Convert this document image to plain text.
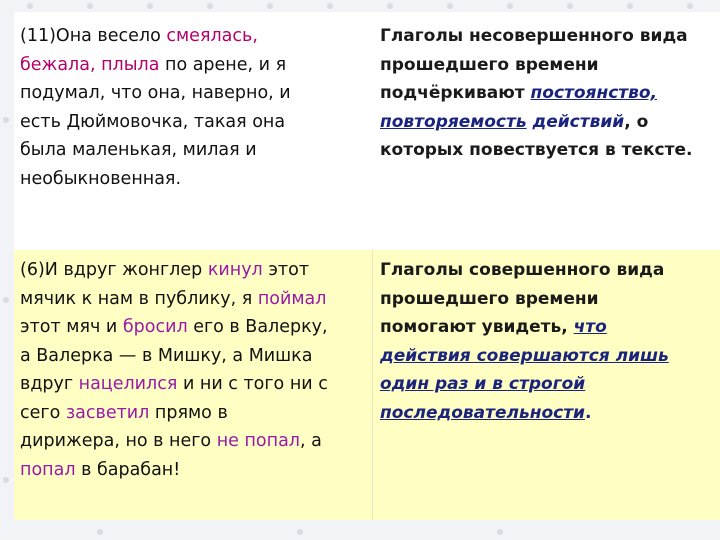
(11)Она весело смеялась,
бежала, плыла по арене, и я
подумал, что она, наверно, и
есть Дюймовочка, такая она
была маленькая, милая и
необыкновенная.
Глаголы несовершенного вида
прошедшего времени
подчёркивают постоянство,
повторяемость действий, о
которых повествуется в тексте.
(6)И вдруг жонглер кинул этот
мячик к нам в публику, я поймал
этот мяч и бросил его в Валерку,
а Валерка — в Мишку, а Мишка
вдруг нацелился и ни с того ни с
сего засветил прямо в
дирижера, но в него не попал, а
попал в барабан!
Глаголы совершенного вида
прошедшего времени
помогают увидеть, что
действия совершаются лишь
один раз и в строгой
последовательности.
